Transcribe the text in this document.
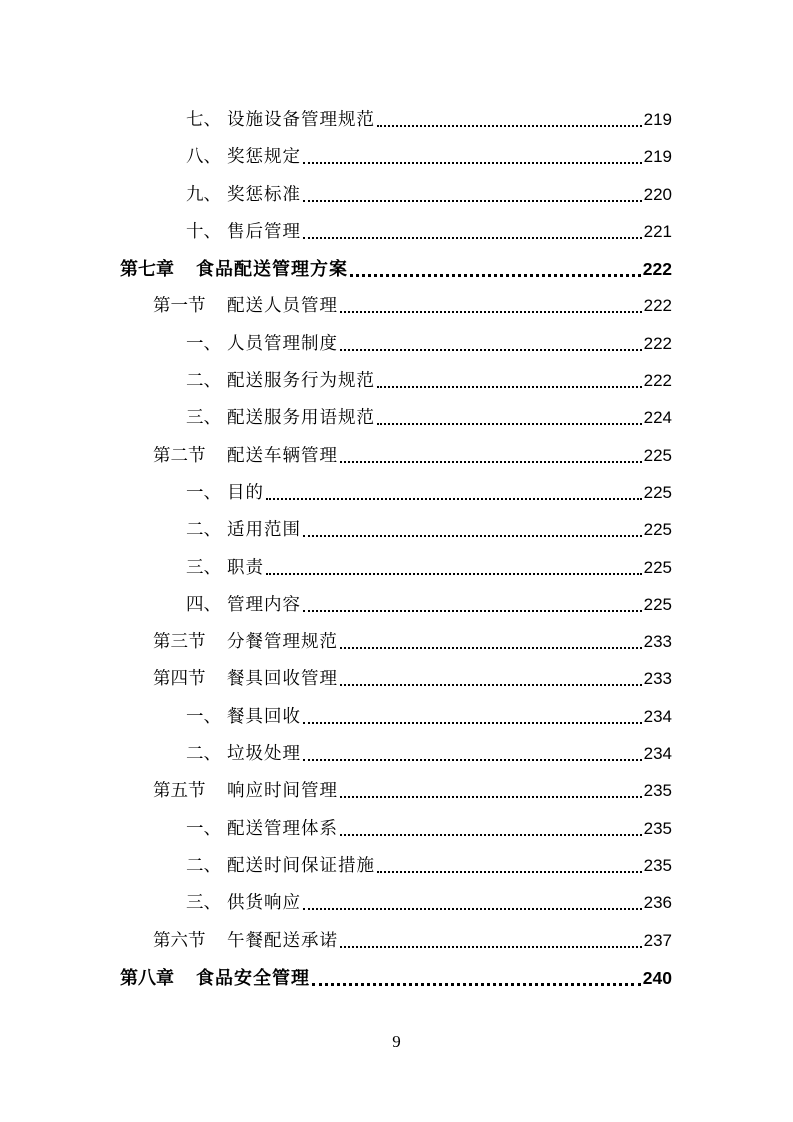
七、 设施设备管理规范	219
八、 奖惩规定	219
九、 奖惩标准	220
十、 售后管理	221
第七章	食品配送管理方案	222
第一节	配送人员管理	222
一、 人员管理制度	222
二、 配送服务行为规范	222
三、 配送服务用语规范	224
第二节	配送车辆管理	225
一、 目的	225
二、 适用范围	225
三、 职责	225
四、 管理内容	225
第三节	分餐管理规范	233
第四节	餐具回收管理	233
一、 餐具回收	234
二、 垃圾处理	234
第五节	响应时间管理	235
一、 配送管理体系	235
二、 配送时间保证措施	235
三、 供货响应	236
第六节	午餐配送承诺	237
第八章	食品安全管理	240
9
